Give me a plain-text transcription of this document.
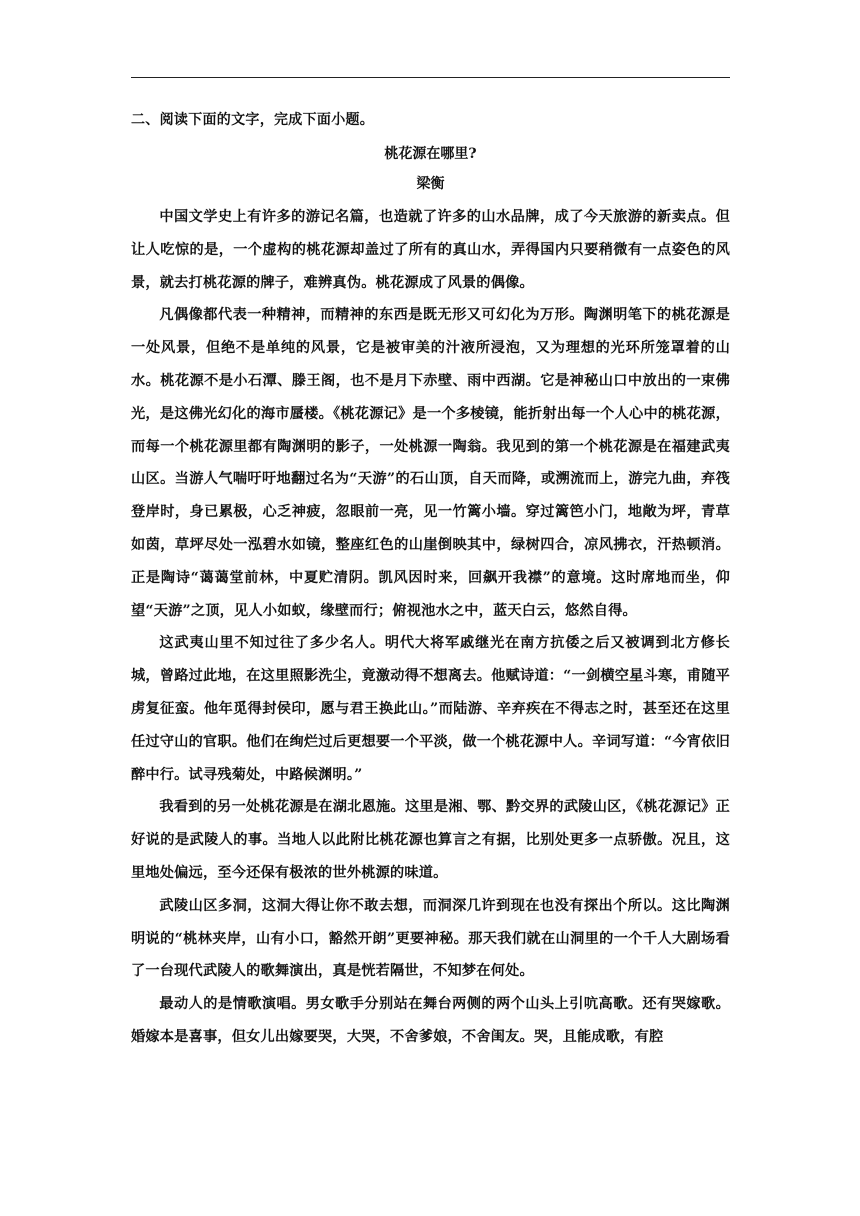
二、阅读下面的文字，完成下面小题。

桃花源在哪里?

梁衡

中国文学史上有许多的游记名篇，也造就了许多的山水品牌，成了今天旅游的新卖点。但让人吃惊的是，一个虚构的桃花源却盖过了所有的真山水，弄得国内只要稍微有一点姿色的风景，就去打桃花源的牌子，难辨真伪。桃花源成了风景的偶像。

凡偶像都代表一种精神，而精神的东西是既无形又可幻化为万形。陶渊明笔下的桃花源是一处风景，但绝不是单纯的风景，它是被审美的汁液所浸泡，又为理想的光环所笼罩着的山水。桃花源不是小石潭、滕王阁，也不是月下赤壁、雨中西湖。它是神秘山口中放出的一束佛光，是这佛光幻化的海市蜃楼。《桃花源记》是一个多棱镜，能折射出每一个人心中的桃花源，而每一个桃花源里都有陶渊明的影子，一处桃源一陶翁。我见到的第一个桃花源是在福建武夷山区。当游人气喘吁吁地翻过名为“天游”的石山顶，自天而降，或溯流而上，游完九曲，弃筏登岸时，身已累极，心乏神疲，忽眼前一亮，见一竹篱小墙。穿过篱笆小门，地敞为坪，青草如茵，草坪尽处一泓碧水如镜，整座红色的山崖倒映其中，绿树四合，凉风拂衣，汗热顿消。正是陶诗“蔼蔼堂前林，中夏贮清阴。凯风因时来，回飙开我襟”的意境。这时席地而坐，仰望“天游”之顶，见人小如蚁，缘壁而行；俯视池水之中，蓝天白云，悠然自得。

这武夷山里不知过往了多少名人。明代大将军戚继光在南方抗倭之后又被调到北方修长城，曾路过此地，在这里照影洗尘，竟激动得不想离去。他赋诗道：“一剑横空星斗寒，甫随平虏复征蛮。他年觅得封侯印，愿与君王换此山。”而陆游、辛弃疾在不得志之时，甚至还在这里任过守山的官职。他们在绚烂过后更想要一个平淡，做一个桃花源中人。辛词写道：“今宵依旧醉中行。试寻残菊处，中路候渊明。”

我看到的另一处桃花源是在湖北恩施。这里是湘、鄂、黔交界的武陵山区，《桃花源记》正好说的是武陵人的事。当地人以此附比桃花源也算言之有据，比别处更多一点骄傲。况且，这里地处偏远，至今还保有极浓的世外桃源的味道。

武陵山区多洞，这洞大得让你不敢去想，而洞深几许到现在也没有探出个所以。这比陶渊明说的“桃林夹岸，山有小口，豁然开朗”更要神秘。那天我们就在山洞里的一个千人大剧场看了一台现代武陵人的歌舞演出，真是恍若隔世，不知梦在何处。

最动人的是情歌演唱。男女歌手分别站在舞台两侧的两个山头上引吭高歌。还有哭嫁歌。婚嫁本是喜事，但女儿出嫁要哭，大哭，不舍爹娘，不舍闺友。哭，且能成歌，有腔
